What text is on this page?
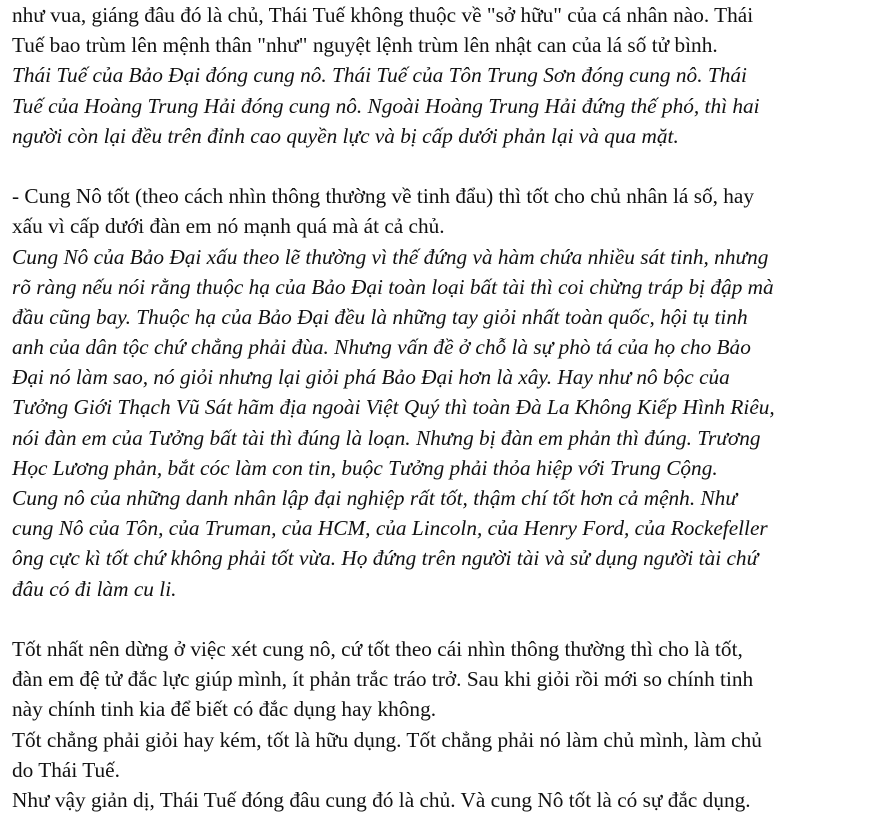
như vua, giáng đâu đó là chủ, Thái Tuế không thuộc về "sở hữu" của cá nhân nào. Thái
Tuế bao trùm lên mệnh thân "như" nguyệt lệnh trùm lên nhật can của lá số tử bình.
Thái Tuế của Bảo Đại đóng cung nô. Thái Tuế của Tôn Trung Sơn đóng cung nô. Thái
Tuế của Hoàng Trung Hải đóng cung nô. Ngoài Hoàng Trung Hải đứng thế phó, thì hai
người còn lại đều trên đỉnh cao quyền lực và bị cấp dưới phản lại và qua mặt.
- Cung Nô tốt (theo cách nhìn thông thường về tinh đẩu) thì tốt cho chủ nhân lá số, hay
xấu vì cấp dưới đàn em nó mạnh quá mà át cả chủ.
Cung Nô của Bảo Đại xấu theo lẽ thường vì thế đứng và hàm chứa nhiều sát tinh, nhưng
rõ ràng nếu nói rằng thuộc hạ của Bảo Đại toàn loại bất tài thì coi chừng tráp bị đập mà
đầu cũng bay. Thuộc hạ của Bảo Đại đều là những tay giỏi nhất toàn quốc, hội tụ tinh
anh của dân tộc chứ chẳng phải đùa. Nhưng vấn đề ở chỗ là sự phò tá của họ cho Bảo
Đại nó làm sao, nó giỏi nhưng lại giỏi phá Bảo Đại hơn là xây. Hay như nô bộc của
Tưởng Giới Thạch Vũ Sát hãm địa ngoài Việt Quý thì toàn Đà La Không Kiếp Hình Riêu,
nói đàn em của Tưởng bất tài thì đúng là loạn. Nhưng bị đàn em phản thì đúng. Trương
Học Lương phản, bắt cóc làm con tin, buộc Tưởng phải thỏa hiệp với Trung Cộng.
Cung nô của những danh nhân lập đại nghiệp rất tốt, thậm chí tốt hơn cả mệnh. Như
cung Nô của Tôn, của Truman, của HCM, của Lincoln, của Henry Ford, của Rockefeller
ông cực kì tốt chứ không phải tốt vừa. Họ đứng trên người tài và sử dụng người tài chứ
đâu có đi làm cu li.
Tốt nhất nên dừng ở việc xét cung nô, cứ tốt theo cái nhìn thông thường thì cho là tốt,
đàn em đệ tử đắc lực giúp mình, ít phản trắc tráo trở. Sau khi giỏi rồi mới so chính tinh
này chính tinh kia để biết có đắc dụng hay không.
Tốt chẳng phải giỏi hay kém, tốt là hữu dụng. Tốt chẳng phải nó làm chủ mình, làm chủ
do Thái Tuế.
Như vậy giản dị, Thái Tuế đóng đâu cung đó là chủ. Và cung Nô tốt là có sự đắc dụng.
